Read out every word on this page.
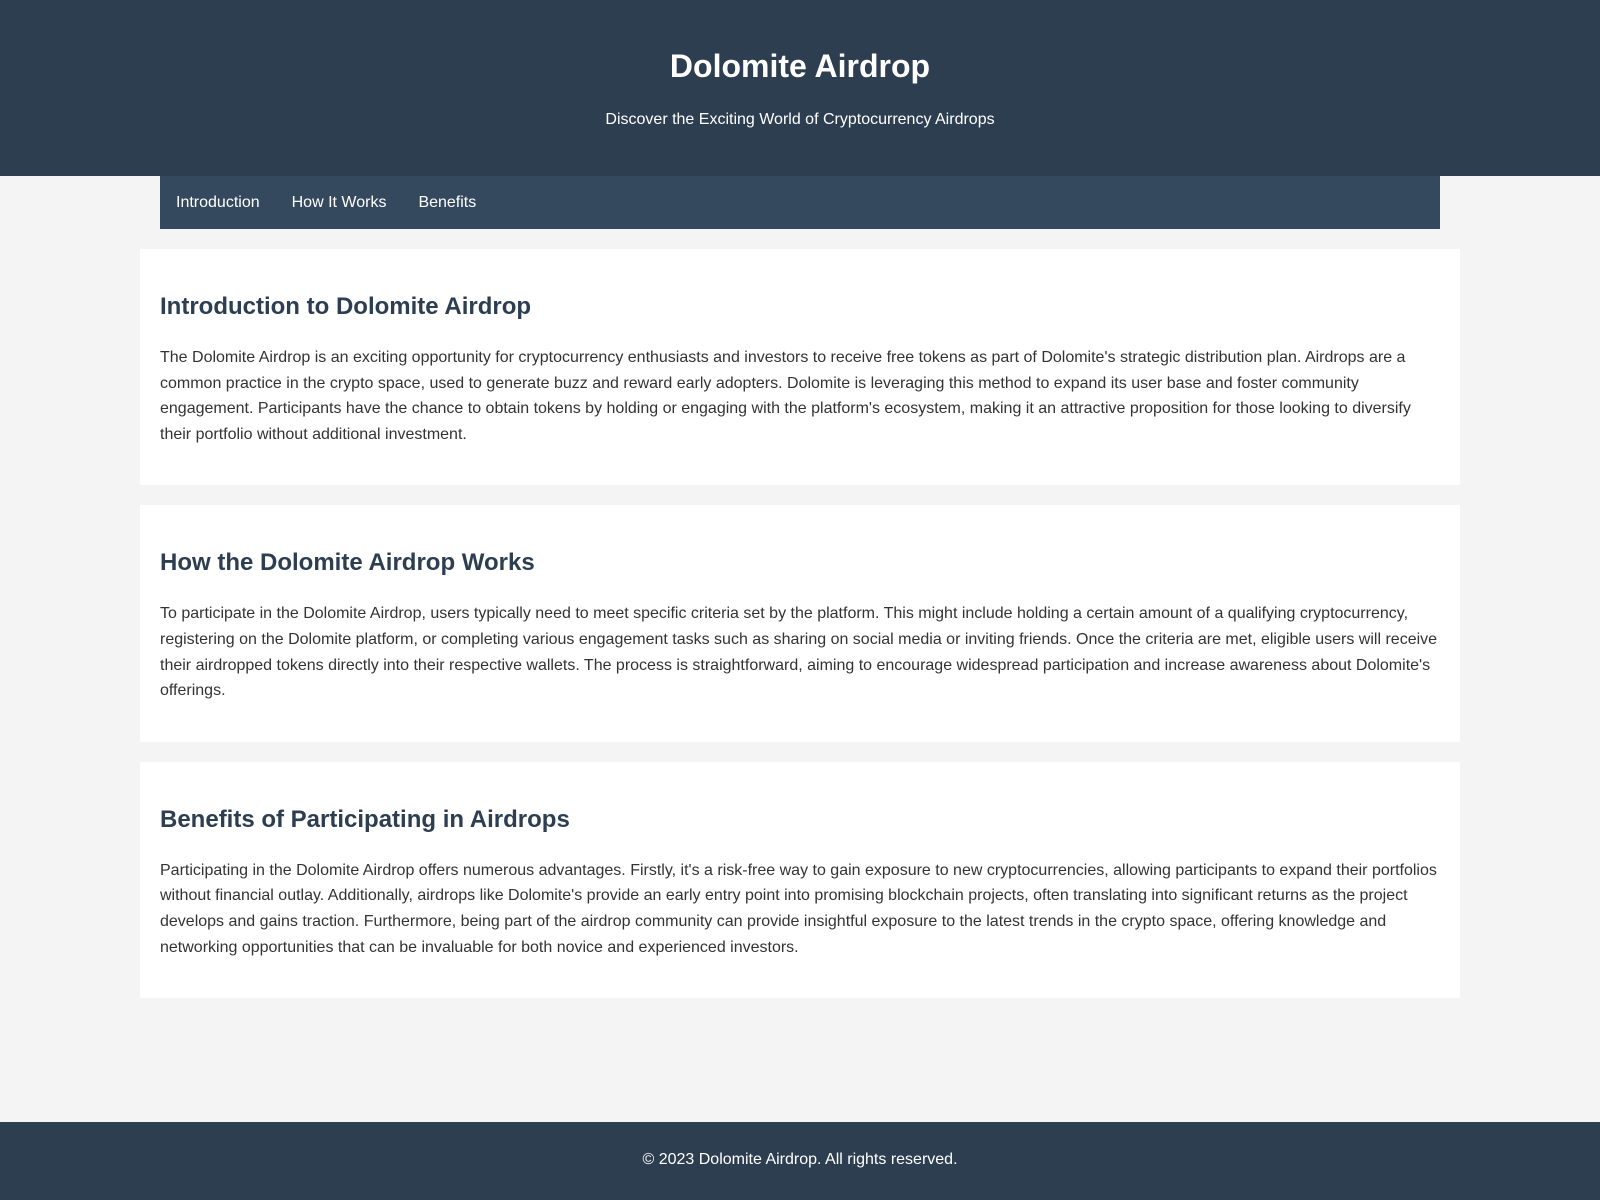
Dolomite Airdrop

Discover the Exciting World of Cryptocurrency Airdrops

Introduction How It Works Benefits
Introduction to Dolomite Airdrop

The Dolomite Airdrop is an exciting opportunity for cryptocurrency enthusiasts and investors to receive free tokens as part of Dolomite's strategic distribution plan. Airdrops are a common practice in the crypto space, used to generate buzz and reward early adopters. Dolomite is leveraging this method to expand its user base and foster community engagement. Participants have the chance to obtain tokens by holding or engaging with the platform's ecosystem, making it an attractive proposition for those looking to diversify their portfolio without additional investment.

How the Dolomite Airdrop Works

To participate in the Dolomite Airdrop, users typically need to meet specific criteria set by the platform. This might include holding a certain amount of a qualifying cryptocurrency, registering on the Dolomite platform, or completing various engagement tasks such as sharing on social media or inviting friends. Once the criteria are met, eligible users will receive their airdropped tokens directly into their respective wallets. The process is straightforward, aiming to encourage widespread participation and increase awareness about Dolomite's offerings.

Benefits of Participating in Airdrops

Participating in the Dolomite Airdrop offers numerous advantages. Firstly, it's a risk-free way to gain exposure to new cryptocurrencies, allowing participants to expand their portfolios without financial outlay. Additionally, airdrops like Dolomite's provide an early entry point into promising blockchain projects, often translating into significant returns as the project develops and gains traction. Furthermore, being part of the airdrop community can provide insightful exposure to the latest trends in the crypto space, offering knowledge and networking opportunities that can be invaluable for both novice and experienced investors.

© 2023 Dolomite Airdrop. All rights reserved.
